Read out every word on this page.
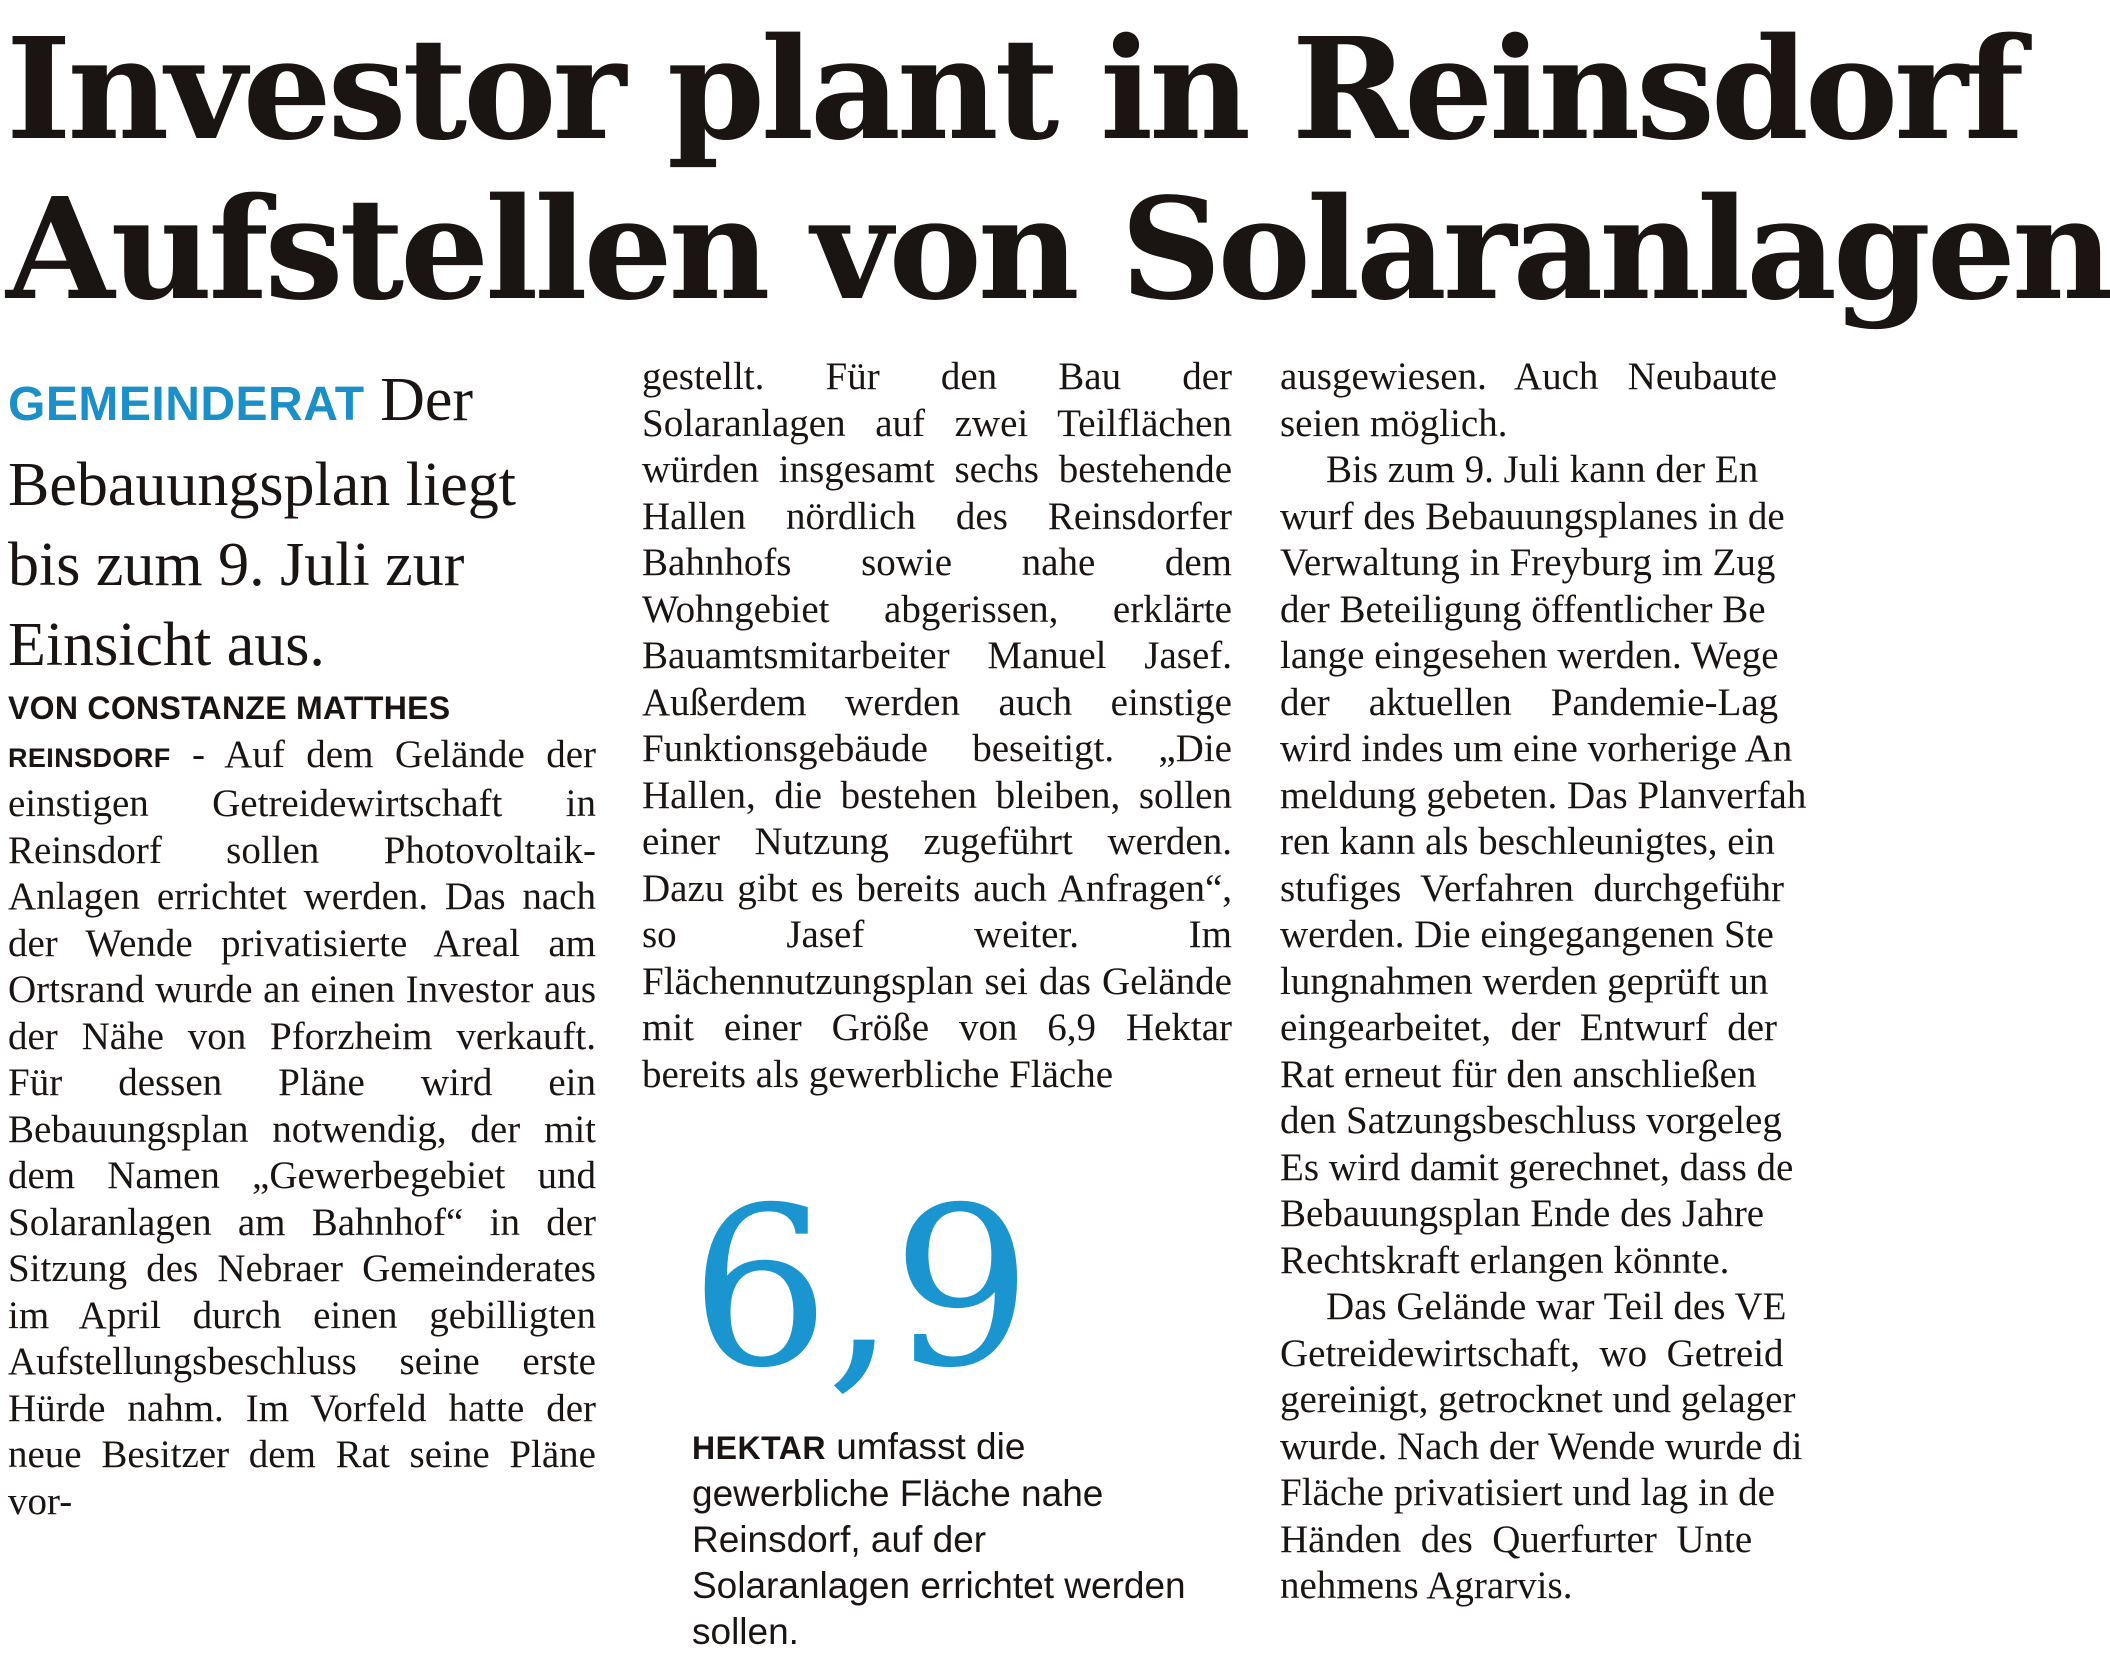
Investor plant in Reinsdorf
Aufstellen von Solaranlagen

GEMEINDERAT Der Bebauungsplan liegt bis zum 9. Juli zur Einsicht aus.

VON CONSTANZE MATTHES

REINSDORF - Auf dem Gelände der einstigen Getreidewirtschaft in Reinsdorf sollen Photovoltaik-Anlagen errichtet werden. Das nach der Wende privatisierte Areal am Ortsrand wurde an einen Investor aus der Nähe von Pforzheim verkauft. Für dessen Pläne wird ein Bebauungsplan notwendig, der mit dem Namen „Gewerbegebiet und Solaranlagen am Bahnhof“ in der Sitzung des Nebraer Gemeinderates im April durch einen gebilligten Aufstellungsbeschluss seine erste Hürde nahm. Im Vorfeld hatte der neue Besitzer dem Rat seine Pläne vor-

gestellt. Für den Bau der Solaranlagen auf zwei Teilflächen würden insgesamt sechs bestehende Hallen nördlich des Reinsdorfer Bahnhofs sowie nahe dem Wohngebiet abgerissen, erklärte Bauamtsmitarbeiter Manuel Jasef. Außerdem werden auch einstige Funktionsgebäude beseitigt. „Die Hallen, die bestehen bleiben, sollen einer Nutzung zugeführt werden. Dazu gibt es bereits auch Anfragen“, so Jasef weiter. Im Flächennutzungsplan sei das Gelände mit einer Größe von 6,9 Hektar bereits als gewerbliche Fläche

6,9
HEKTAR umfasst die gewerbliche Fläche nahe Reinsdorf, auf der Solaranlagen errichtet werden sollen.
ausgewiesen.   Auch   Neubaute
seien möglich.
Bis zum 9. Juli kann der En
wurf des Bebauungsplanes in de
Verwaltung in Freyburg im Zug
der Beteiligung öffentlicher Be
lange eingesehen werden. Wege
der    aktuellen    Pandemie-Lag
wird indes um eine vorherige An
meldung gebeten. Das Planverfah
ren kann als beschleunigtes, ein
stufiges  Verfahren  durchgeführ
werden. Die eingegangenen Ste
lungnahmen werden geprüft un
eingearbeitet,  der  Entwurf  der
Rat erneut für den anschließen
den Satzungsbeschluss vorgeleg
Es wird damit gerechnet, dass de
Bebauungsplan Ende des Jahre
Rechtskraft erlangen könnte.
Das Gelände war Teil des VE
Getreidewirtschaft,  wo  Getreid
gereinigt, getrocknet und gelager
wurde. Nach der Wende wurde di
Fläche privatisiert und lag in de
Händen  des  Querfurter  Unte
nehmens Agrarvis.
